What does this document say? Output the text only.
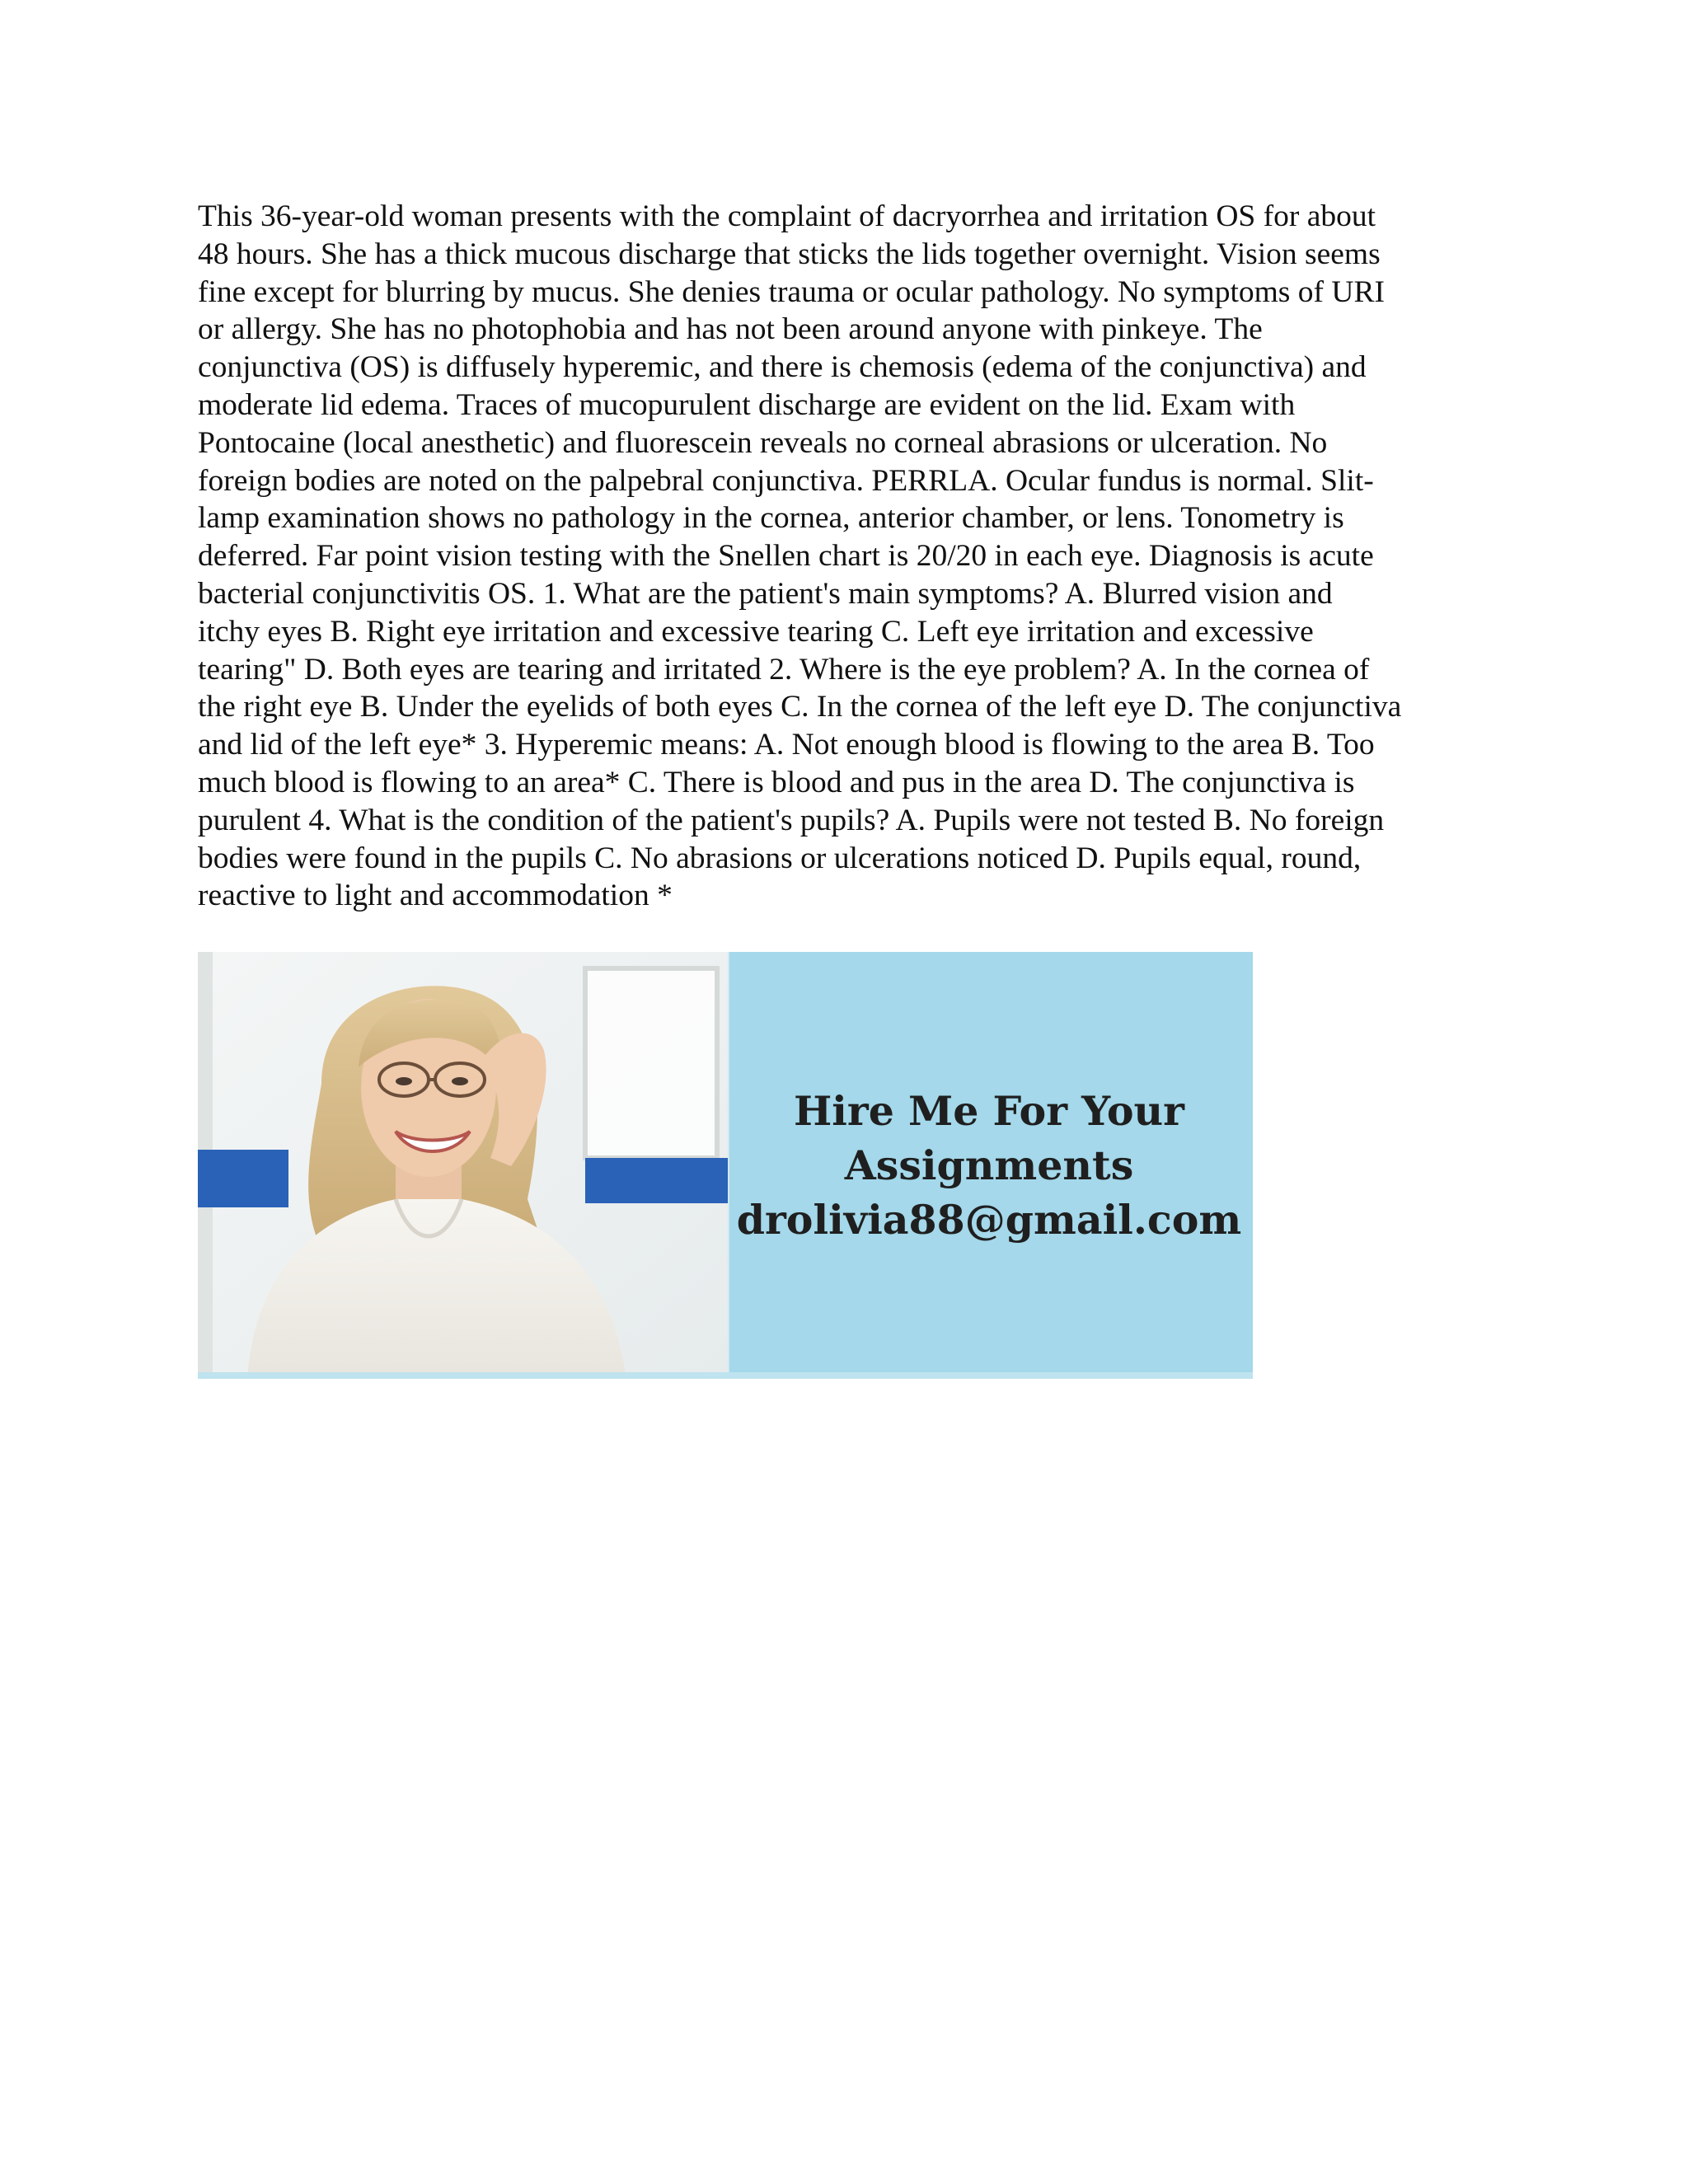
This 36-year-old woman presents with the complaint of dacryorrhea and irritation OS for about
48 hours. She has a thick mucous discharge that sticks the lids together overnight. Vision seems
fine except for blurring by mucus. She denies trauma or ocular pathology. No symptoms of URI
or allergy. She has no photophobia and has not been around anyone with pinkeye. The
conjunctiva (OS) is diffusely hyperemic, and there is chemosis (edema of the conjunctiva) and
moderate lid edema. Traces of mucopurulent discharge are evident on the lid. Exam with
Pontocaine (local anesthetic) and fluorescein reveals no corneal abrasions or ulceration. No
foreign bodies are noted on the palpebral conjunctiva. PERRLA. Ocular fundus is normal. Slit-
lamp examination shows no pathology in the cornea, anterior chamber, or lens. Tonometry is
deferred. Far point vision testing with the Snellen chart is 20/20 in each eye. Diagnosis is acute
bacterial conjunctivitis OS. 1. What are the patient's main symptoms? A. Blurred vision and
itchy eyes B. Right eye irritation and excessive tearing C. Left eye irritation and excessive
tearing" D. Both eyes are tearing and irritated 2. Where is the eye problem? A. In the cornea of
the right eye B. Under the eyelids of both eyes C. In the cornea of the left eye D. The conjunctiva
and lid of the left eye* 3. Hyperemic means: A. Not enough blood is flowing to the area B. Too
much blood is flowing to an area* C. There is blood and pus in the area D. The conjunctiva is
purulent 4. What is the condition of the patient's pupils? A. Pupils were not tested B. No foreign
bodies were found in the pupils C. No abrasions or ulcerations noticed D. Pupils equal, round,
reactive to light and accommodation *
Hire Me For Your
Assignments
drolivia88@gmail.com
